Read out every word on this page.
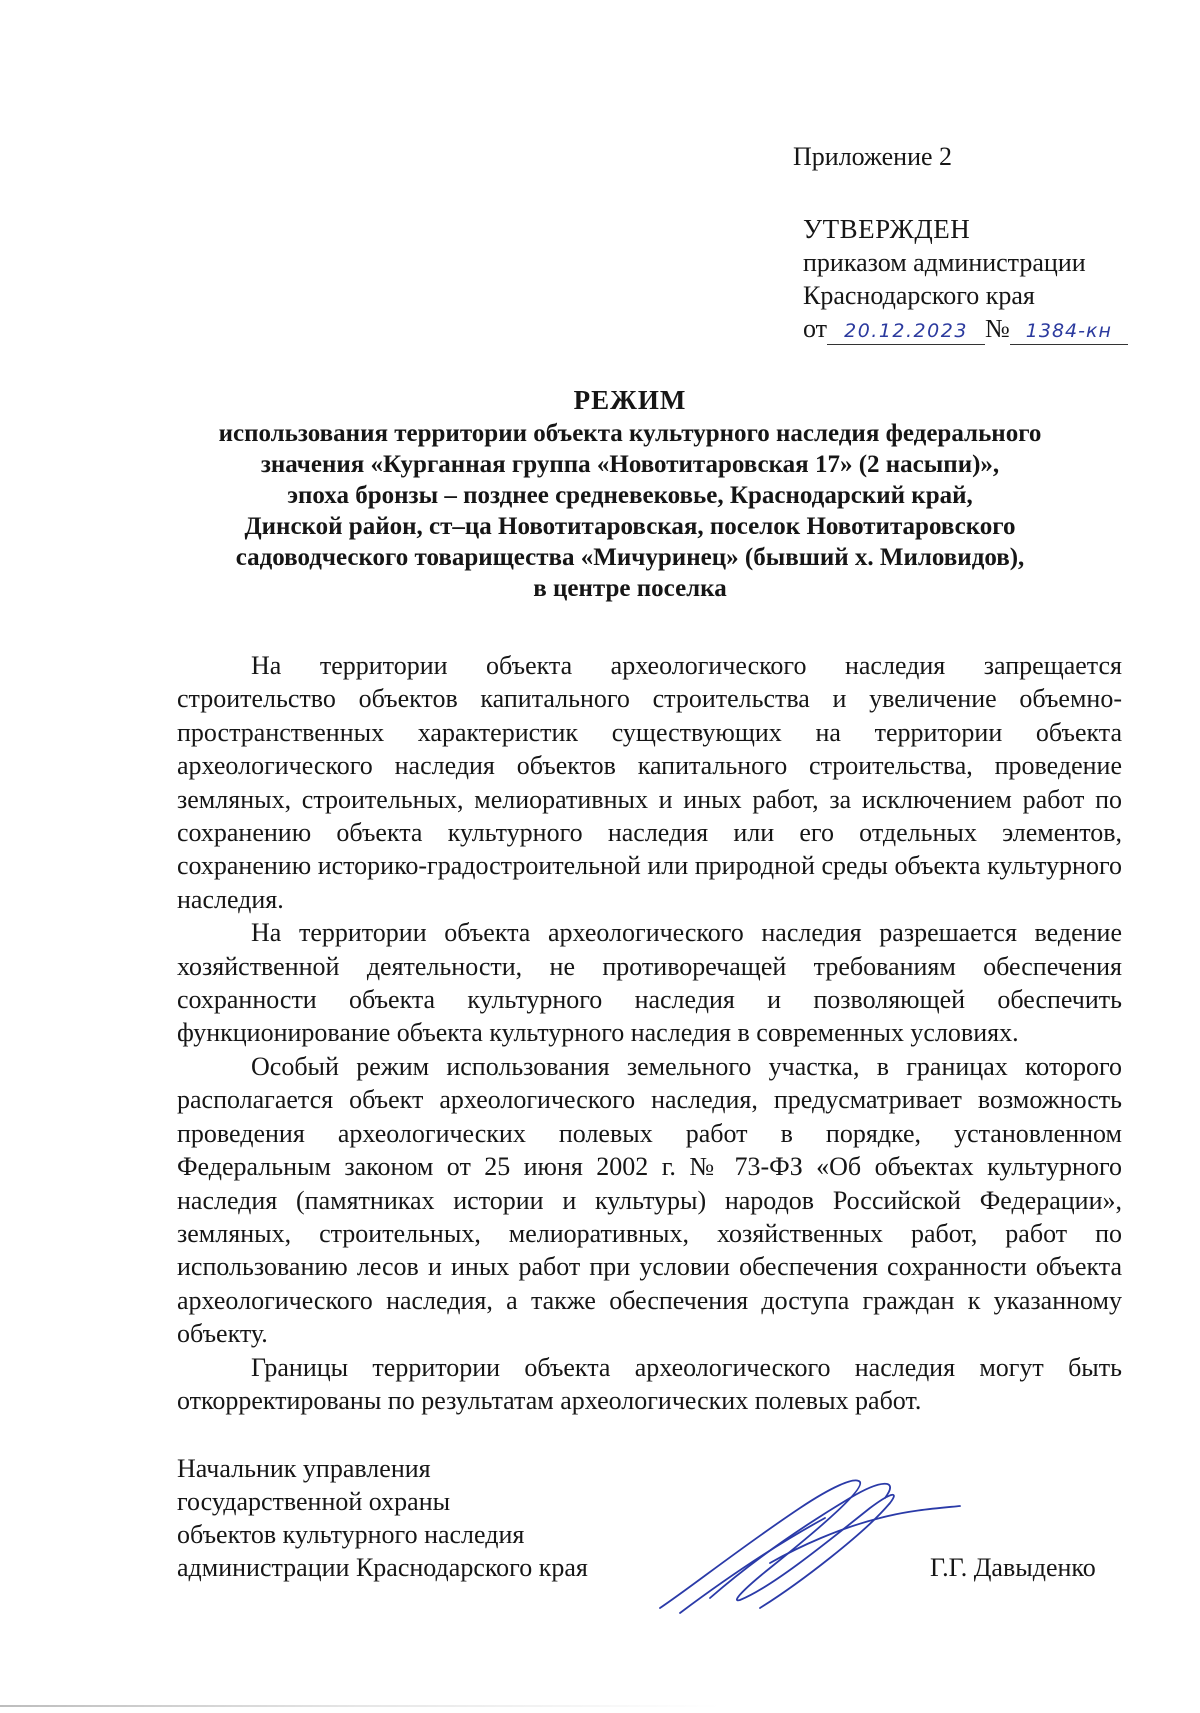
Приложение 2
УТВЕРЖДЕН
приказом администрации
Краснодарского края
от 20.12.2023 № 1384-кн
РЕЖИМ
использования территории объекта культурного наследия федерального
значения «Курганная группа «Новотитаровская 17» (2 насыпи)»,
эпоха бронзы – позднее средневековье, Краснодарский край,
Динской район, ст–ца Новотитаровская, поселок Новотитаровского
садоводческого товарищества «Мичуринец» (бывший х. Миловидов),
в центре поселка

На территории объекта археологического наследия запрещается строительство объектов капитального строительства и увеличение объемно-пространственных характеристик существующих на территории объекта археологического наследия объектов капитального строительства, проведение земляных, строительных, мелиоративных и иных работ, за исключением работ по сохранению объекта культурного наследия или его отдельных элементов, сохранению историко-градостроительной или природной среды объекта культурного наследия.

На территории объекта археологического наследия разрешается ведение хозяйственной деятельности, не противоречащей требованиям обеспечения сохранности объекта культурного наследия и позволяющей обеспечить функционирование объекта культурного наследия в современных условиях.

Особый режим использования земельного участка, в границах которого располагается объект археологического наследия, предусматривает возможность проведения археологических полевых работ в порядке, установленном Федеральным законом от 25 июня 2002 г. № 73-ФЗ «Об объектах культурного наследия (памятниках истории и культуры) народов Российской Федерации», земляных, строительных, мелиоративных, хозяйственных работ, работ по использованию лесов и иных работ при условии обеспечения сохранности объекта археологического наследия, а также обеспечения доступа граждан к указанному объекту.

Границы территории объекта археологического наследия могут быть откорректированы по результатам археологических полевых работ.

Начальник управления
государственной охраны
объектов культурного наследия
администрации Краснодарского края	Г.Г. Давыденко
